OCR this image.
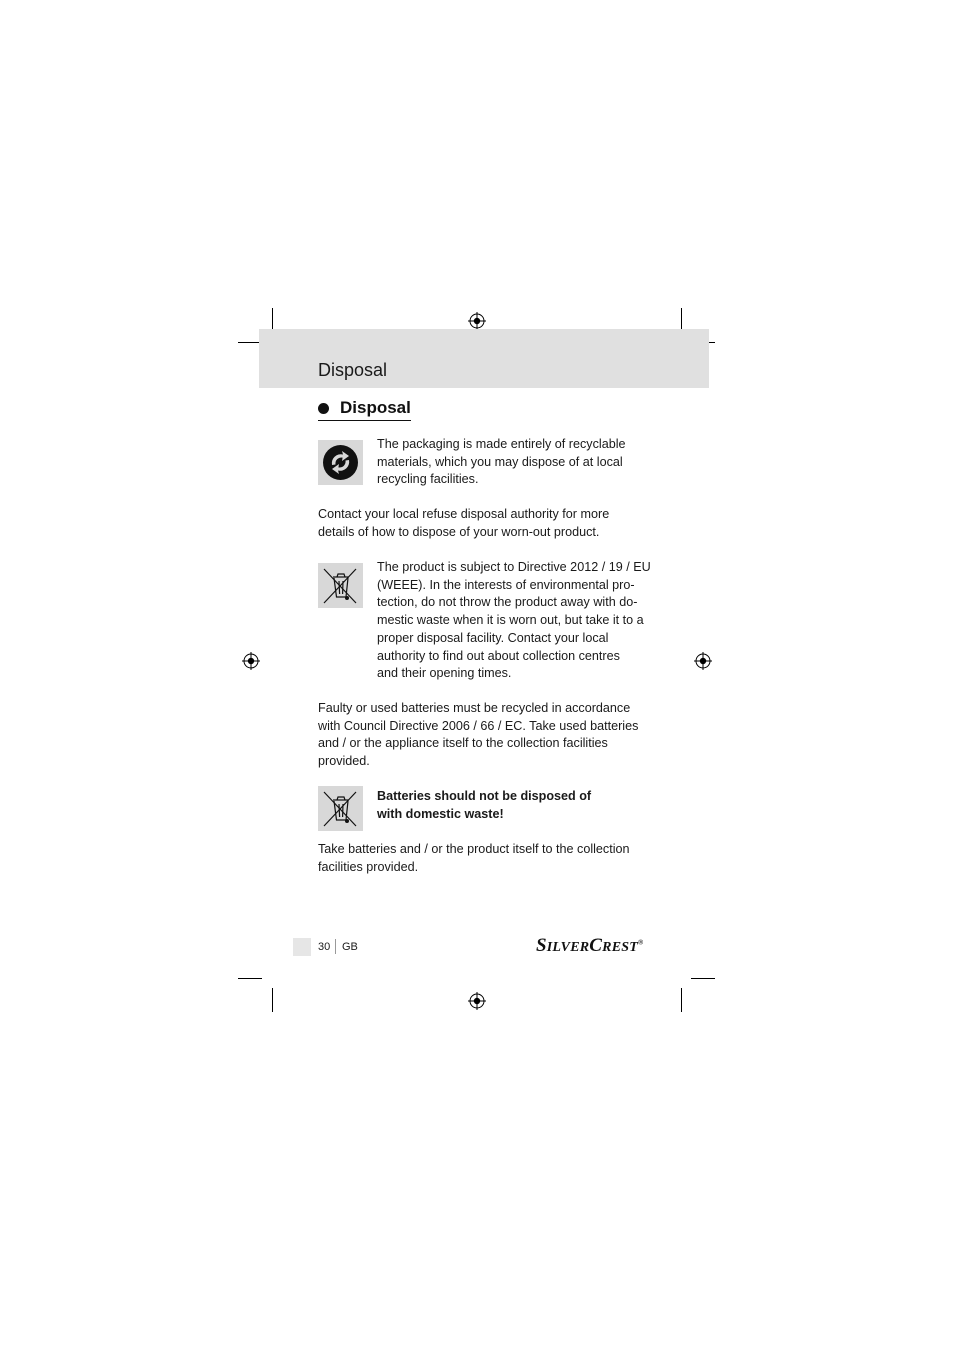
Disposal
Disposal
The packaging is made entirely of recyclable
materials, which you may dispose of at local
recycling facilities.
Contact your local refuse disposal authority for more
details of how to dispose of your worn-out product.
The product is subject to Directive 2012 / 19 / EU
(WEEE). In the interests of environmental pro-
tection, do not throw the product away with do-
mestic waste when it is worn out, but take it to a
proper disposal facility. Contact your local
authority to find out about collection centres
and their opening times.
Faulty or used batteries must be recycled in accordance
with Council Directive 2006 / 66 / EC. Take used batteries
and / or the appliance itself to the collection facilities
provided.
Batteries should not be disposed of
with domestic waste!
Take batteries and / or the product itself to the collection
facilities provided.
30 GB	SILVERCREST®
